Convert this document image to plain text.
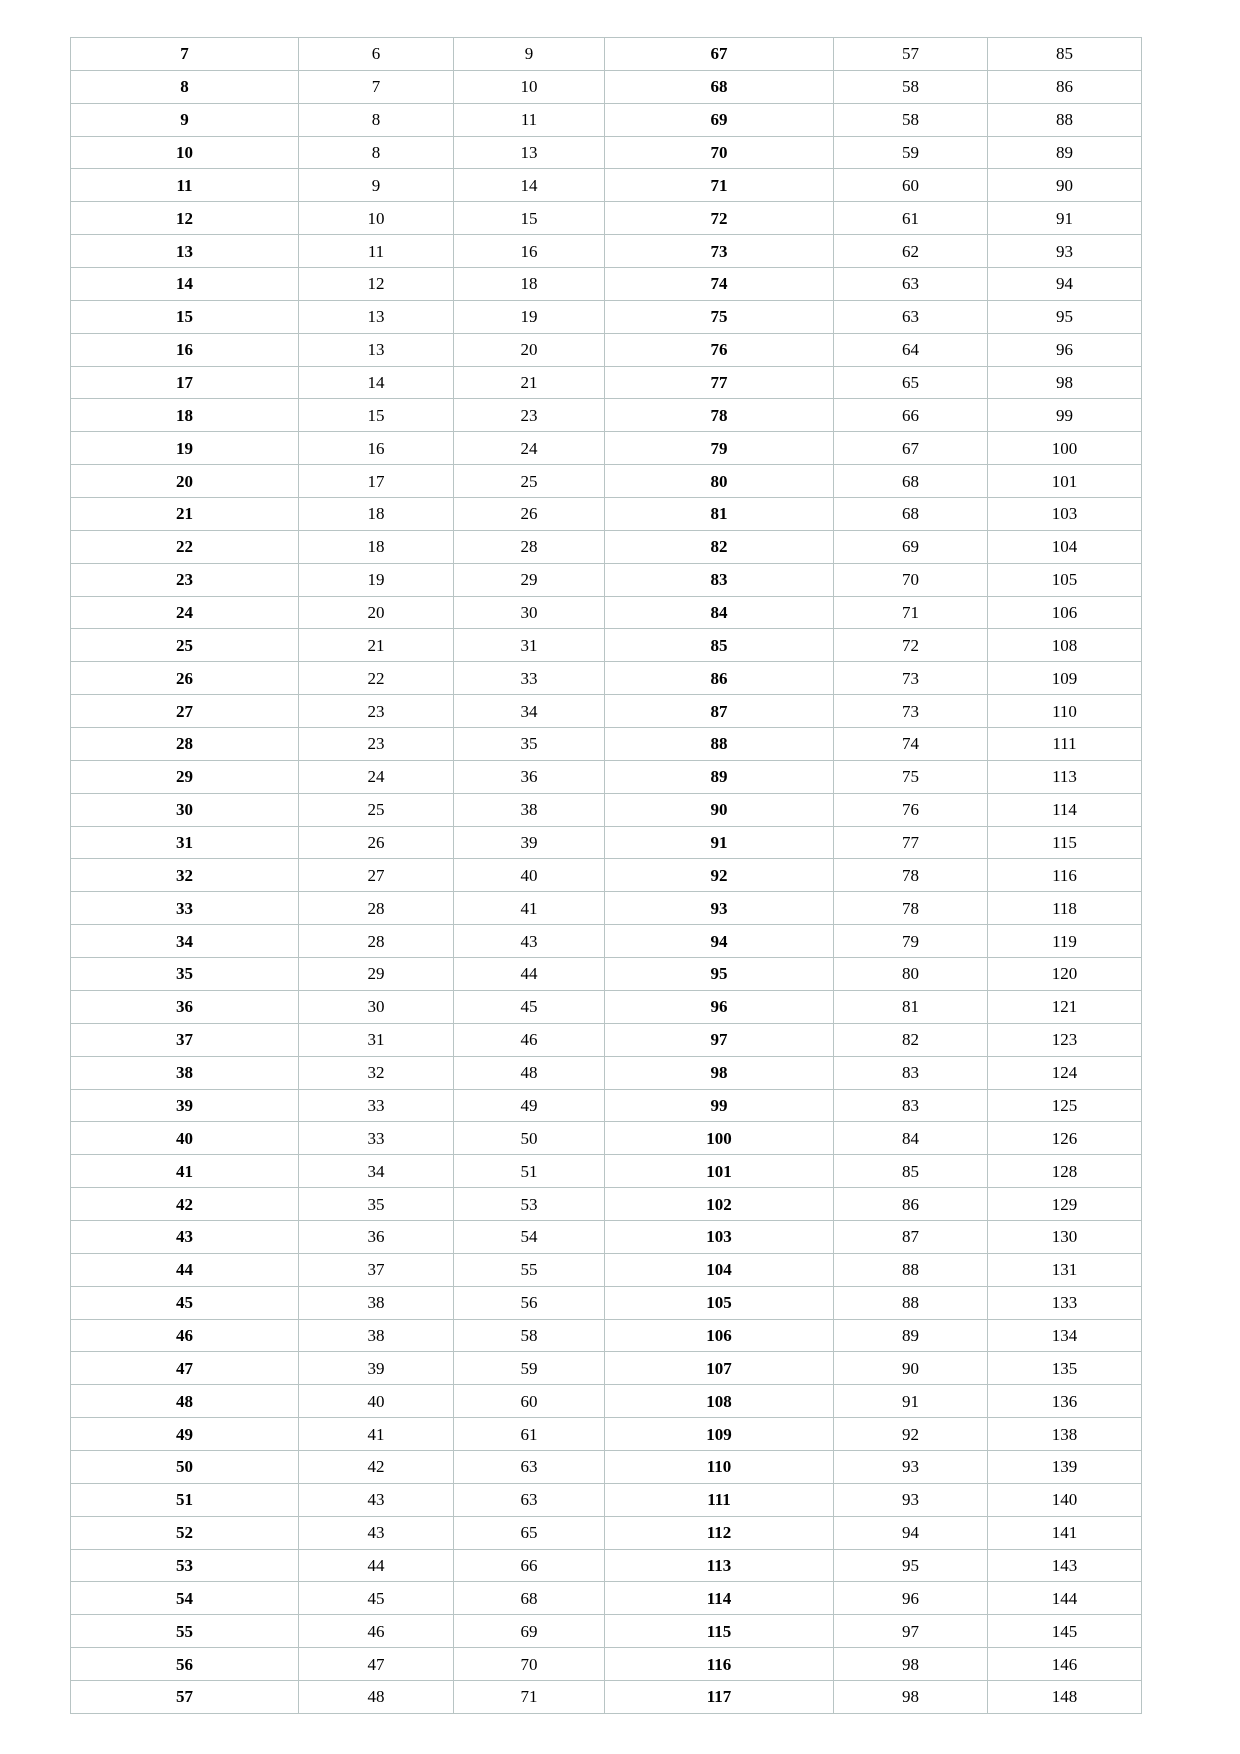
7	6	9	67	57	85
8	7	10	68	58	86
9	8	11	69	58	88
10	8	13	70	59	89
11	9	14	71	60	90
12	10	15	72	61	91
13	11	16	73	62	93
14	12	18	74	63	94
15	13	19	75	63	95
16	13	20	76	64	96
17	14	21	77	65	98
18	15	23	78	66	99
19	16	24	79	67	100
20	17	25	80	68	101
21	18	26	81	68	103
22	18	28	82	69	104
23	19	29	83	70	105
24	20	30	84	71	106
25	21	31	85	72	108
26	22	33	86	73	109
27	23	34	87	73	110
28	23	35	88	74	111
29	24	36	89	75	113
30	25	38	90	76	114
31	26	39	91	77	115
32	27	40	92	78	116
33	28	41	93	78	118
34	28	43	94	79	119
35	29	44	95	80	120
36	30	45	96	81	121
37	31	46	97	82	123
38	32	48	98	83	124
39	33	49	99	83	125
40	33	50	100	84	126
41	34	51	101	85	128
42	35	53	102	86	129
43	36	54	103	87	130
44	37	55	104	88	131
45	38	56	105	88	133
46	38	58	106	89	134
47	39	59	107	90	135
48	40	60	108	91	136
49	41	61	109	92	138
50	42	63	110	93	139
51	43	63	111	93	140
52	43	65	112	94	141
53	44	66	113	95	143
54	45	68	114	96	144
55	46	69	115	97	145
56	47	70	116	98	146
57	48	71	117	98	148
